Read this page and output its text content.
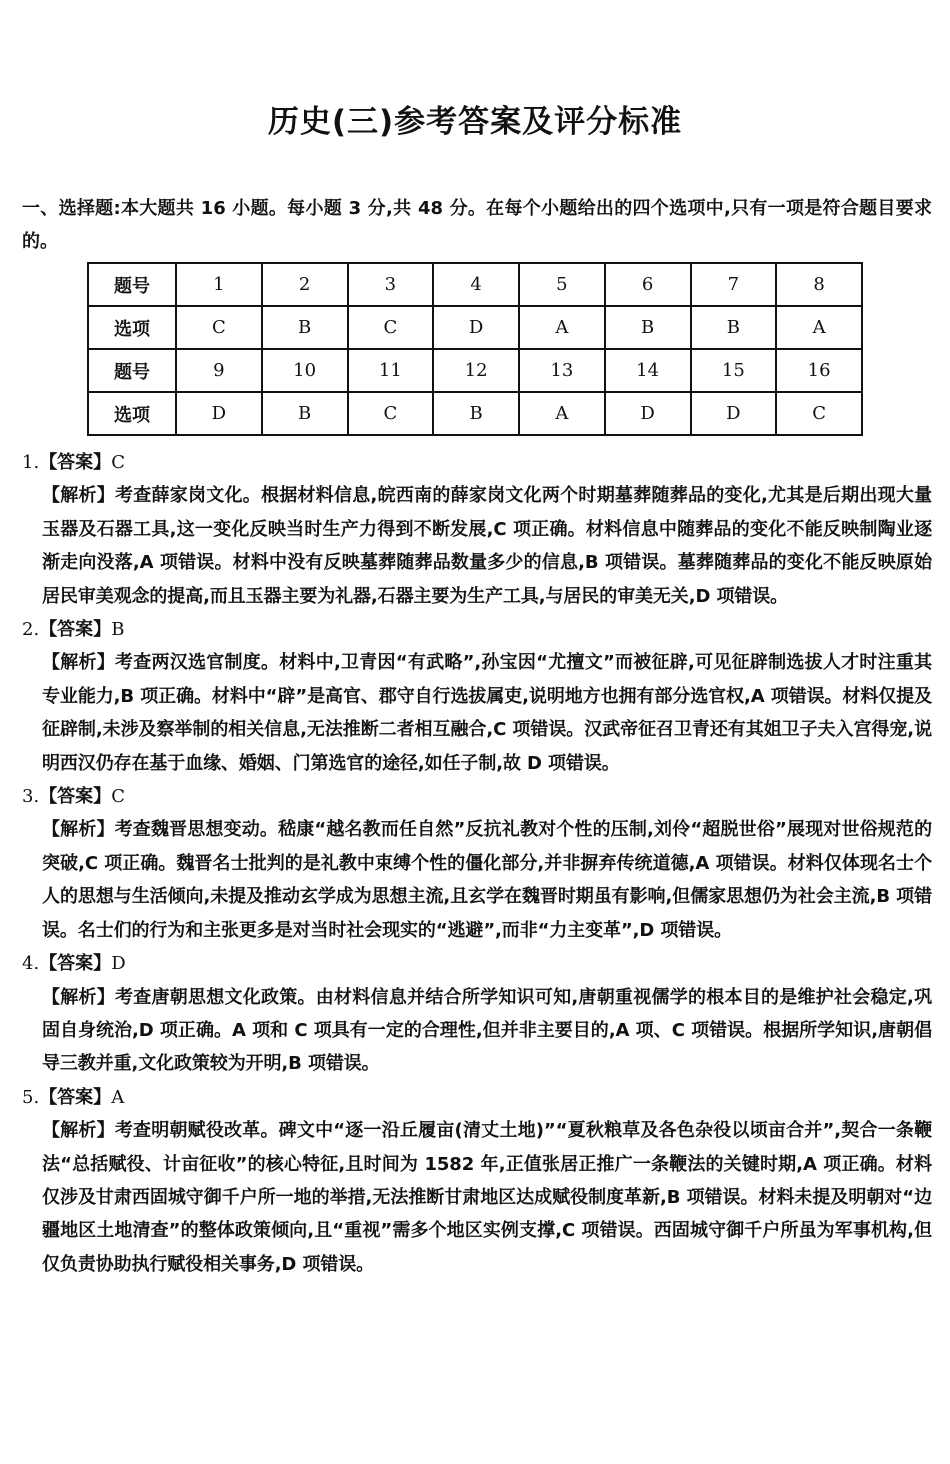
历史(三)参考答案及评分标准
一、选择题:本大题共 16 小题。每小题 3 分,共 48 分。在每个小题给出的四个选项中,只有一项是符合题目要求的。
题号	1	2	3	4	5	6	7	8
选项	C	B	C	D	A	B	B	A
题号	9	10	11	12	13	14	15	16
选项	D	B	C	B	A	D	D	C
1.【答案】C
【解析】考查薛家岗文化。根据材料信息,皖西南的薛家岗文化两个时期墓葬随葬品的变化,尤其是后期出现大量玉器及石器工具,这一变化反映当时生产力得到不断发展,C 项正确。材料信息中随葬品的变化不能反映制陶业逐渐走向没落,A 项错误。材料中没有反映墓葬随葬品数量多少的信息,B 项错误。墓葬随葬品的变化不能反映原始居民审美观念的提高,而且玉器主要为礼器,石器主要为生产工具,与居民的审美无关,D 项错误。
2.【答案】B
【解析】考查两汉选官制度。材料中,卫青因“有武略”,孙宝因“尤擅文”而被征辟,可见征辟制选拔人才时注重其专业能力,B 项正确。材料中“辟”是高官、郡守自行选拔属吏,说明地方也拥有部分选官权,A 项错误。材料仅提及征辟制,未涉及察举制的相关信息,无法推断二者相互融合,C 项错误。汉武帝征召卫青还有其姐卫子夫入宫得宠,说明西汉仍存在基于血缘、婚姻、门第选官的途径,如任子制,故 D 项错误。
3.【答案】C
【解析】考查魏晋思想变动。嵇康“越名教而任自然”反抗礼教对个性的压制,刘伶“超脱世俗”展现对世俗规范的突破,C 项正确。魏晋名士批判的是礼教中束缚个性的僵化部分,并非摒弃传统道德,A 项错误。材料仅体现名士个人的思想与生活倾向,未提及推动玄学成为思想主流,且玄学在魏晋时期虽有影响,但儒家思想仍为社会主流,B 项错误。名士们的行为和主张更多是对当时社会现实的“逃避”,而非“力主变革”,D 项错误。
4.【答案】D
【解析】考查唐朝思想文化政策。由材料信息并结合所学知识可知,唐朝重视儒学的根本目的是维护社会稳定,巩固自身统治,D 项正确。A 项和 C 项具有一定的合理性,但并非主要目的,A 项、C 项错误。根据所学知识,唐朝倡导三教并重,文化政策较为开明,B 项错误。
5.【答案】A
【解析】考查明朝赋役改革。碑文中“逐一沿丘履亩(清丈土地)”“夏秋粮草及各色杂役以顷亩合并”,契合一条鞭法“总括赋役、计亩征收”的核心特征,且时间为 1582 年,正值张居正推广一条鞭法的关键时期,A 项正确。材料仅涉及甘肃西固城守御千户所一地的举措,无法推断甘肃地区达成赋役制度革新,B 项错误。材料未提及明朝对“边疆地区土地清查”的整体政策倾向,且“重视”需多个地区实例支撑,C 项错误。西固城守御千户所虽为军事机构,但仅负责协助执行赋役相关事务,D 项错误。
